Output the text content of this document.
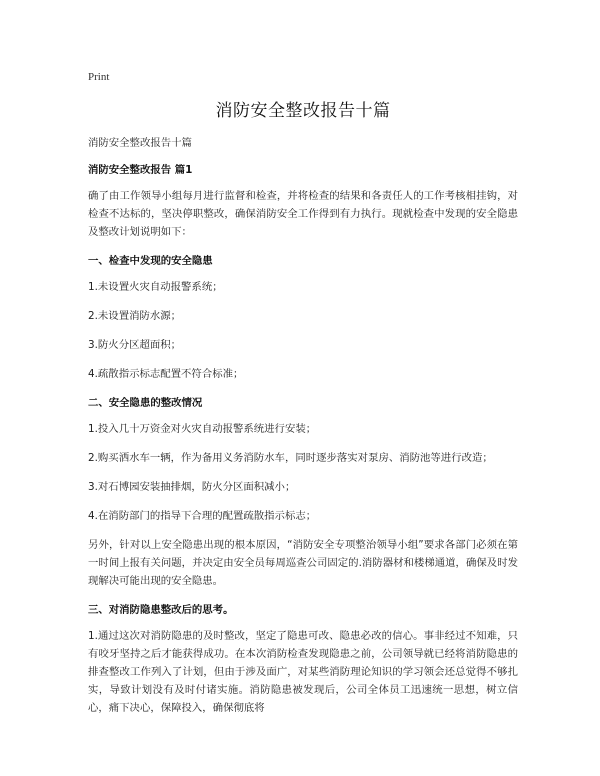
Print
消防安全整改报告十篇

消防安全整改报告十篇

消防安全整改报告 篇1

确了由工作领导小组每月进行监督和检查，并将检查的结果和各责任人的工作考核相挂钩，对检查不达标的，坚决停职整改，确保消防安全工作得到有力执行。现就检查中发现的安全隐患及整改计划说明如下：

一、检查中发现的安全隐患

1.未设置火灾自动报警系统；

2.未设置消防水源；

3.防火分区超面积；

4.疏散指示标志配置不符合标准；

二、安全隐患的整改情况

1.投入几十万资金对火灾自动报警系统进行安装；

2.购买洒水车一辆，作为备用义务消防水车，同时逐步落实对泵房、消防池等进行改造；

3.对石博园安装抽排烟，防火分区面积减小；

4.在消防部门的指导下合理的配置疏散指示标志；

另外，针对以上安全隐患出现的根本原因，“消防安全专项整治领导小组”要求各部门必须在第一时间上报有关问题，并决定由安全员每周巡查公司固定的.消防器材和楼梯通道，确保及时发现解决可能出现的安全隐患。

三、对消防隐患整改后的思考。

1.通过这次对消防隐患的及时整改，坚定了隐患可改、隐患必改的信心。事非经过不知难，只有咬牙坚持之后才能获得成功。在本次消防检查发现隐患之前，公司领导就已经将消防隐患的排查整改工作列入了计划，但由于涉及面广，对某些消防理论知识的学习领会还总觉得不够扎实，导致计划没有及时付诸实施。消防隐患被发现后，公司全体员工迅速统一思想，树立信心，痛下决心，保障投入，确保彻底将
